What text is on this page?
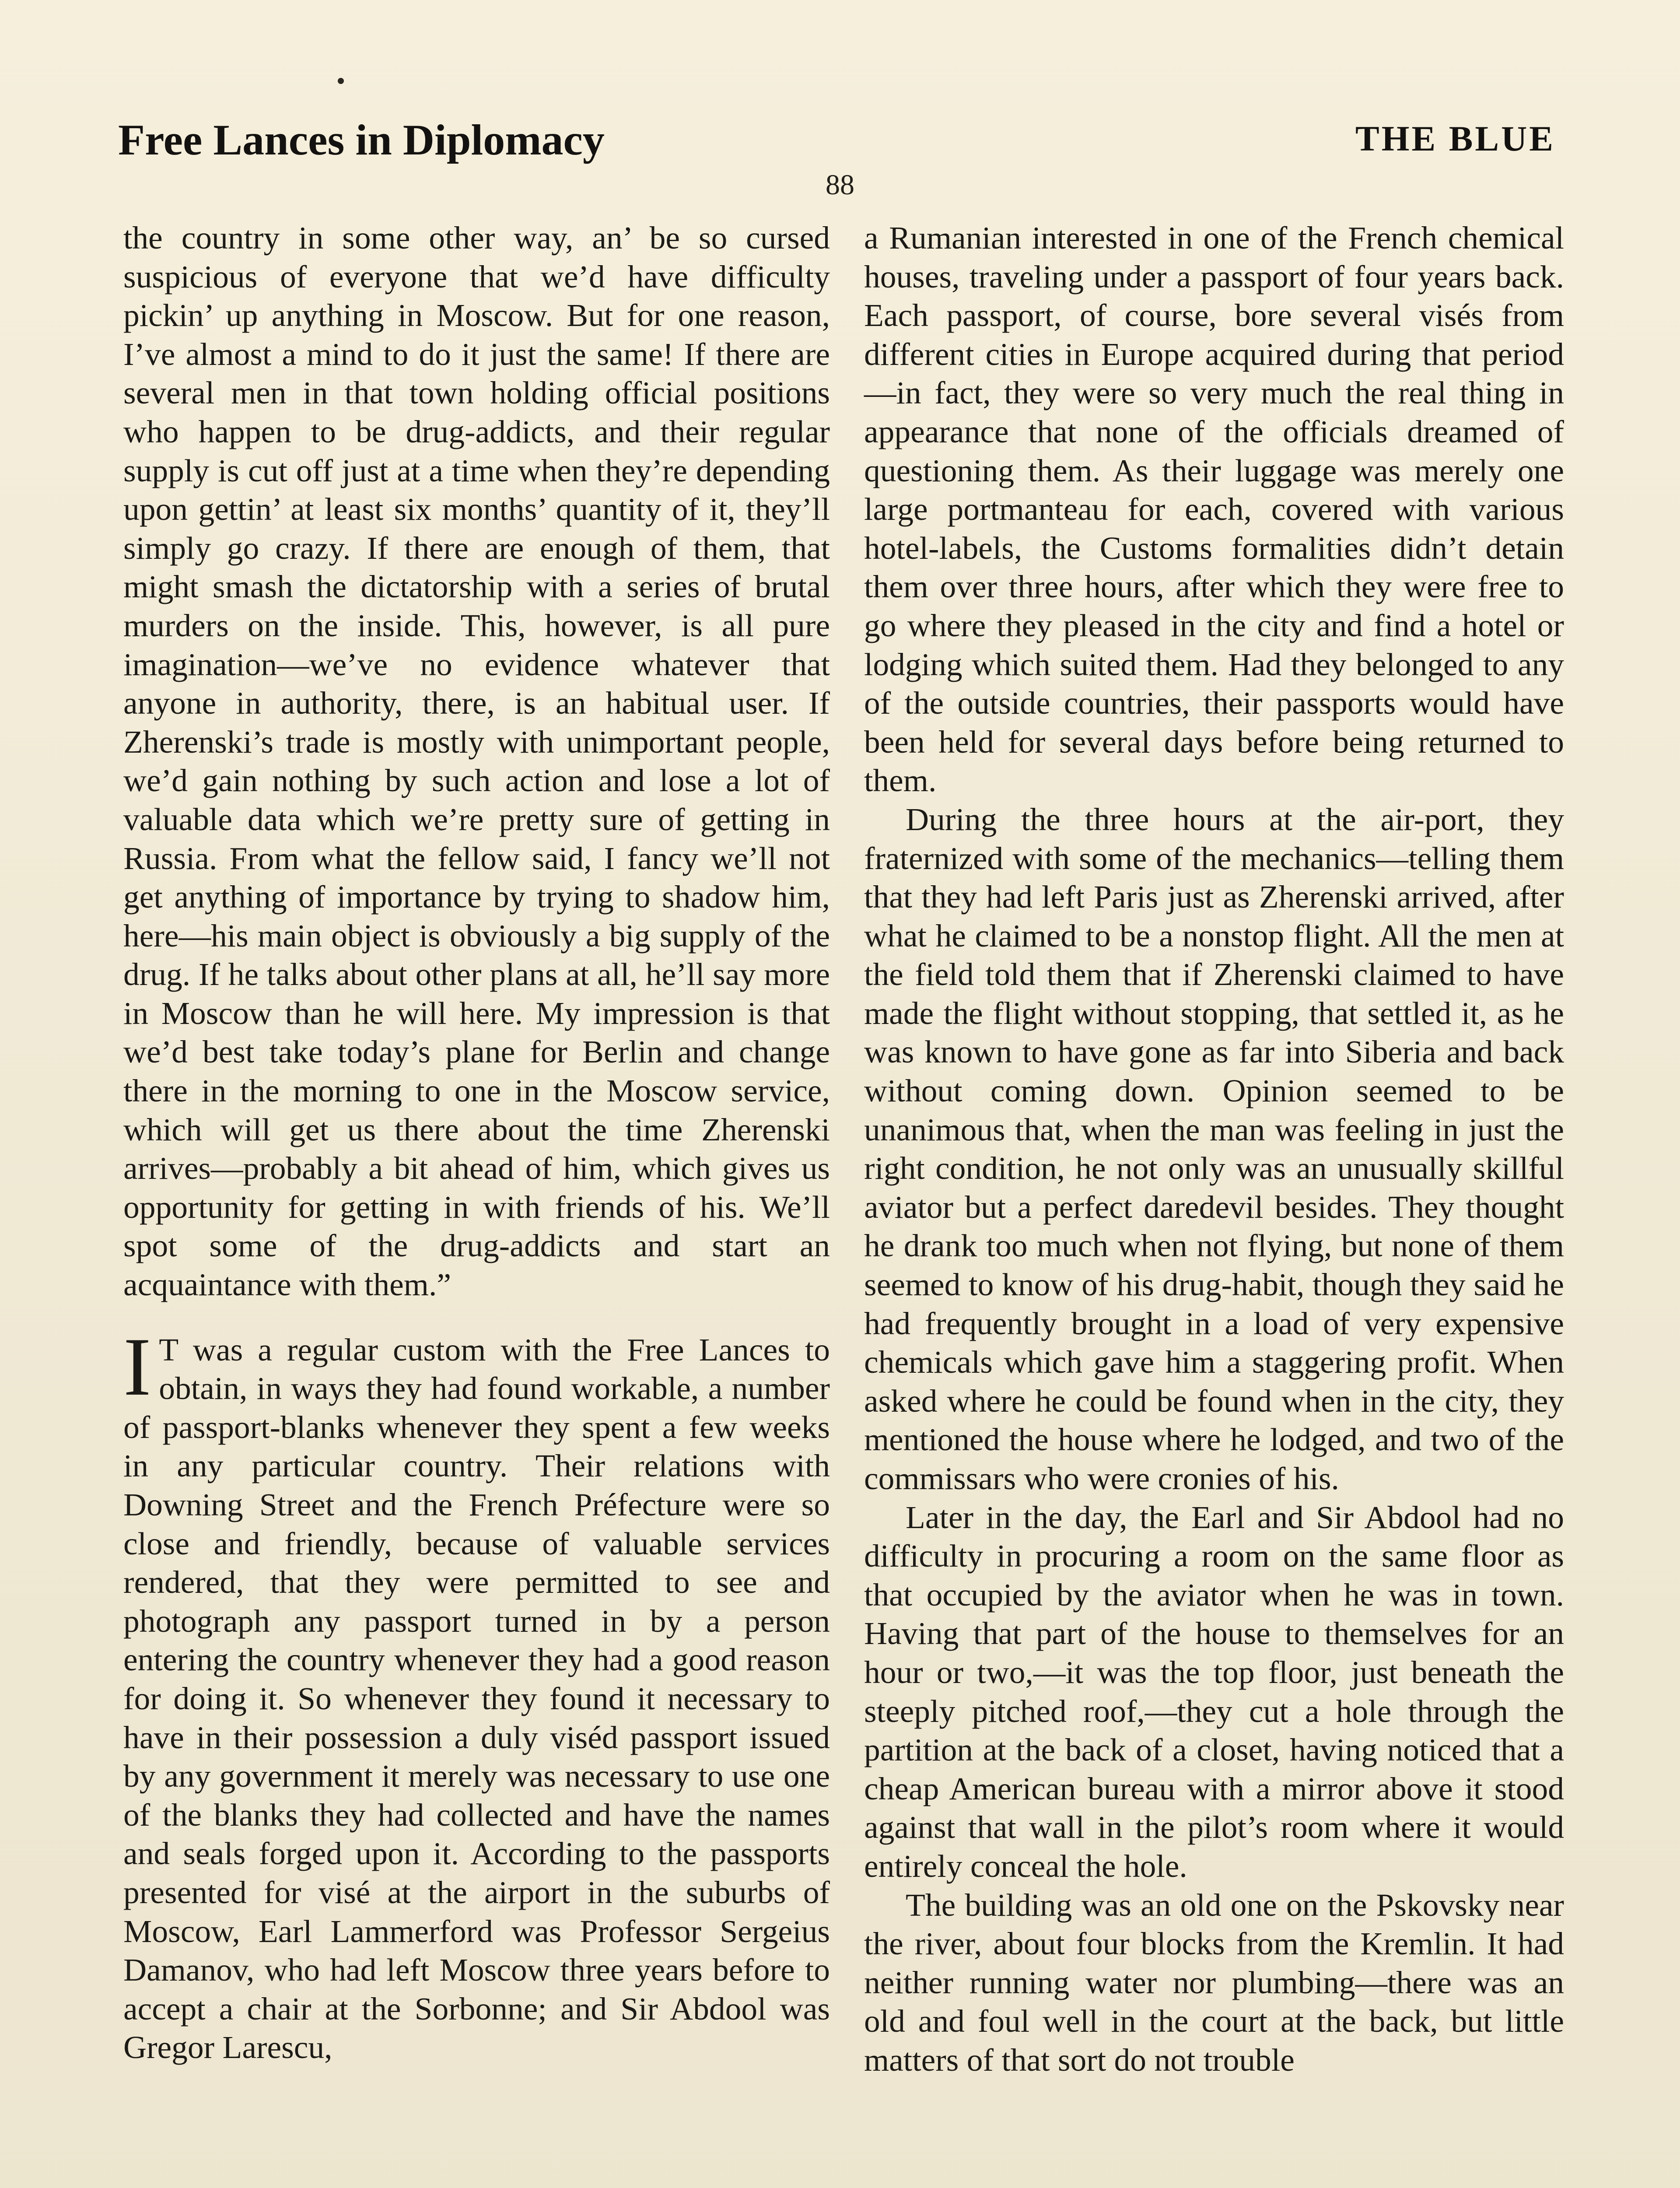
Free Lances in Diplomacy	THE BLUE
88

the country in some other way, an’ be so cursed suspicious of everyone that we’d have difficulty pickin’ up anything in Moscow. But for one reason, I’ve almost a mind to do it just the same! If there are several men in that town holding official positions who happen to be drug-addicts, and their regular supply is cut off just at a time when they’re depending upon gettin’ at least six months’ quantity of it, they’ll simply go crazy. If there are enough of them, that might smash the dictatorship with a series of brutal murders on the inside. This, however, is all pure imagination—we’ve no evidence whatever that anyone in authority, there, is an habitual user. If Zherenski’s trade is mostly with unimportant people, we’d gain nothing by such action and lose a lot of valuable data which we’re pretty sure of getting in Russia. From what the fellow said, I fancy we’ll not get anything of importance by trying to shadow him, here—his main object is obviously a big supply of the drug. If he talks about other plans at all, he’ll say more in Moscow than he will here. My impression is that we’d best take today’s plane for Berlin and change there in the morning to one in the Moscow service, which will get us there about the time Zherenski arrives—probably a bit ahead of him, which gives us opportunity for getting in with friends of his. We’ll spot some of the drug-addicts and start an acquaintance with them.”

IT was a regular custom with the Free Lances to obtain, in ways they had found workable, a number of passport-blanks whenever they spent a few weeks in any particular country. Their relations with Downing Street and the French Préfecture were so close and friendly, because of valuable services rendered, that they were permitted to see and photograph any passport turned in by a person entering the country whenever they had a good reason for doing it. So whenever they found it necessary to have in their possession a duly viséd passport issued by any government it merely was necessary to use one of the blanks they had collected and have the names and seals forged upon it. According to the passports presented for visé at the airport in the suburbs of Moscow, Earl Lammerford was Professor Sergeius Damanov, who had left Moscow three years before to accept a chair at the Sorbonne; and Sir Abdool was Gregor Larescu,

a Rumanian interested in one of the French chemical houses, traveling under a passport of four years back. Each passport, of course, bore several visés from different cities in Europe acquired during that period—in fact, they were so very much the real thing in appearance that none of the officials dreamed of questioning them. As their luggage was merely one large portmanteau for each, covered with various hotel-labels, the Customs formalities didn’t detain them over three hours, after which they were free to go where they pleased in the city and find a hotel or lodging which suited them. Had they belonged to any of the outside countries, their passports would have been held for several days before being returned to them.

During the three hours at the air-port, they fraternized with some of the mechanics—telling them that they had left Paris just as Zherenski arrived, after what he claimed to be a nonstop flight. All the men at the field told them that if Zherenski claimed to have made the flight without stopping, that settled it, as he was known to have gone as far into Siberia and back without coming down. Opinion seemed to be unanimous that, when the man was feeling in just the right condition, he not only was an unusually skillful aviator but a perfect daredevil besides. They thought he drank too much when not flying, but none of them seemed to know of his drug-habit, though they said he had frequently brought in a load of very expensive chemicals which gave him a staggering profit. When asked where he could be found when in the city, they mentioned the house where he lodged, and two of the commissars who were cronies of his.

Later in the day, the Earl and Sir Abdool had no difficulty in procuring a room on the same floor as that occupied by the aviator when he was in town. Having that part of the house to themselves for an hour or two,—it was the top floor, just beneath the steeply pitched roof,—they cut a hole through the partition at the back of a closet, having noticed that a cheap American bureau with a mirror above it stood against that wall in the pilot’s room where it would entirely conceal the hole.

The building was an old one on the Pskovsky near the river, about four blocks from the Kremlin. It had neither running water nor plumbing—there was an old and foul well in the court at the back, but little matters of that sort do not trouble
